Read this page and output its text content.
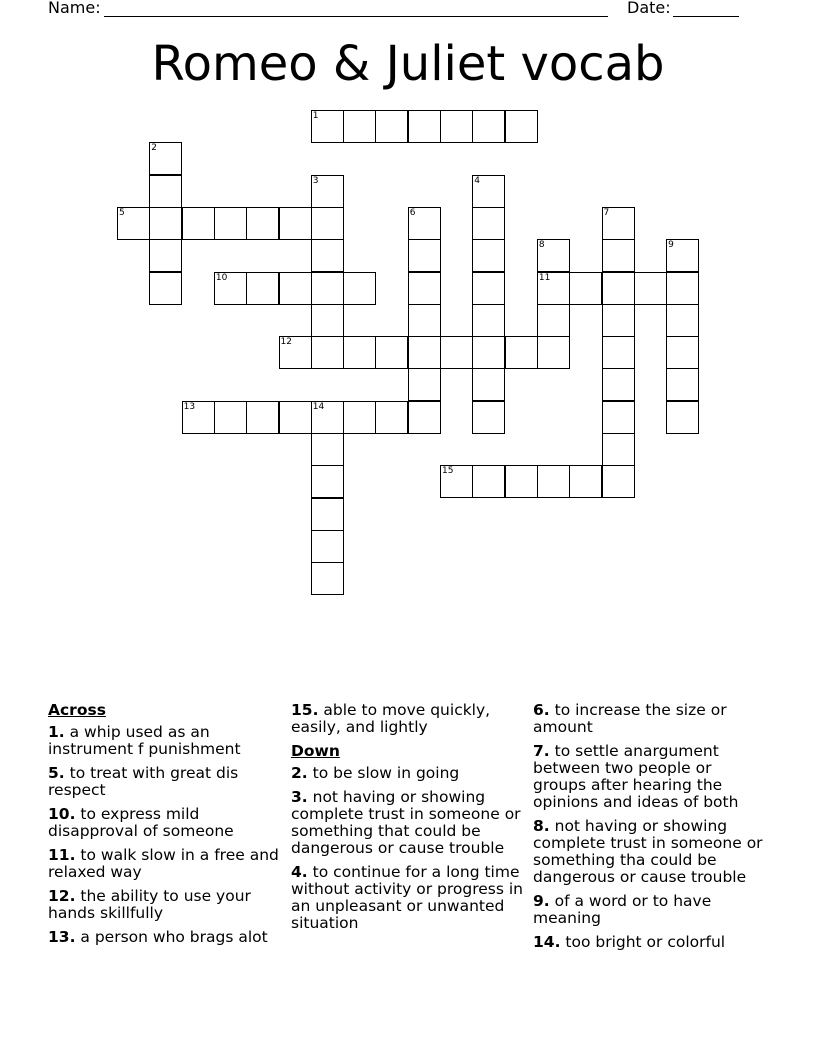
Name:	Date:
Romeo & Juliet vocab
1
2
3	4
5	6	7
8
11
9
10
12
13	14
15
Across
1. a whip used as an instrument f punishment
5. to treat with great dis respect
10. to express mild disapproval of someone
11. to walk slow in a free and relaxed way
12. the ability to use your hands skillfully
13. a person who brags alot
15. able to move quickly, easily, and lightly
Down
2. to be slow in going
3. not having or showing complete trust in someone or something that could be dangerous or cause trouble
4. to continue for a long time without activity or progress in an unpleasant or unwanted situation
6. to increase the size or amount
7. to settle anargument between two people or groups after hearing the opinions and ideas of both
8. not having or showing complete trust in someone or something tha could be dangerous or cause trouble
9. of a word or to have meaning
14. too bright or colorful
